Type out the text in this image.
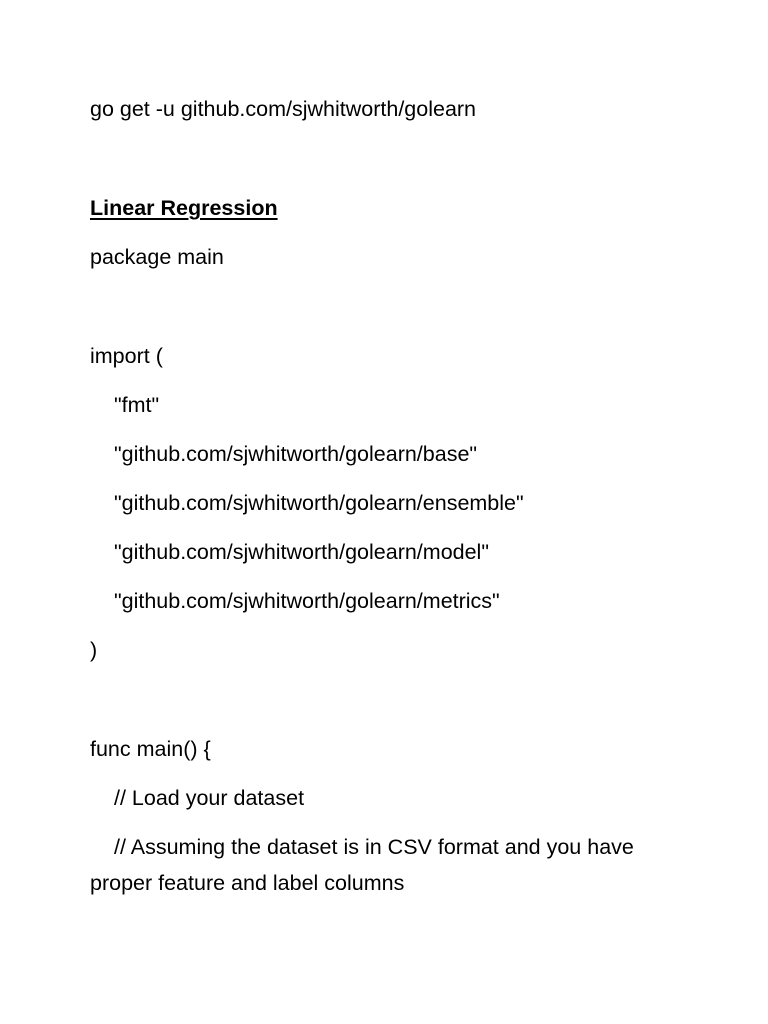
go get -u github.com/sjwhitworth/golearn

Linear Regression

package main

import (

"fmt"

"github.com/sjwhitworth/golearn/base"

"github.com/sjwhitworth/golearn/ensemble"

"github.com/sjwhitworth/golearn/model"

"github.com/sjwhitworth/golearn/metrics"

)

func main() {

// Load your dataset

// Assuming the dataset is in CSV format and you have

proper feature and label columns
